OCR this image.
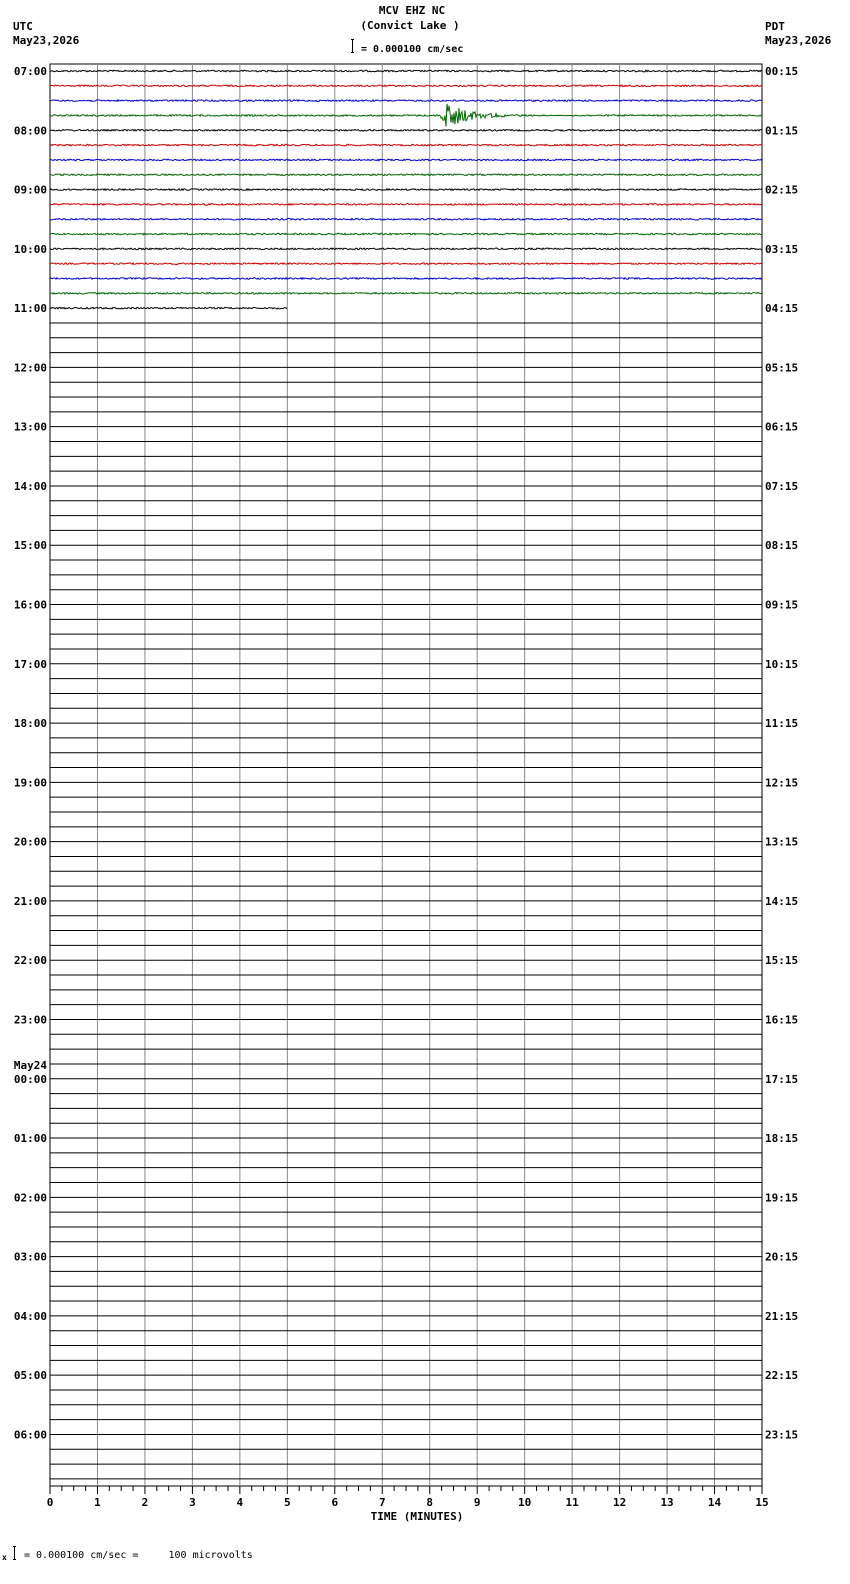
MCV EHZ NC
(Convict Lake )
= 0.000100 cm/sec
UTC
May23,2026
PDT
May23,2026
07:00
08:00
09:00
10:00
11:00
12:00
13:00
14:00
15:00
16:00
17:00
18:00
19:00
20:00
21:00
22:00
23:00
00:00
01:00
02:00
03:00
04:00
05:00
06:00
00:15
01:15
02:15
03:15
04:15
05:15
06:15
07:15
08:15
09:15
10:15
11:15
12:15
13:15
14:15
15:15
16:15
17:15
18:15
19:15
20:15
21:15
22:15
23:15
May24
0	1	2	3	4	5	6	7	8	9	10	11	12	13	14	15
TIME (MINUTES)
x = 0.000100 cm/sec =     100 microvolts
